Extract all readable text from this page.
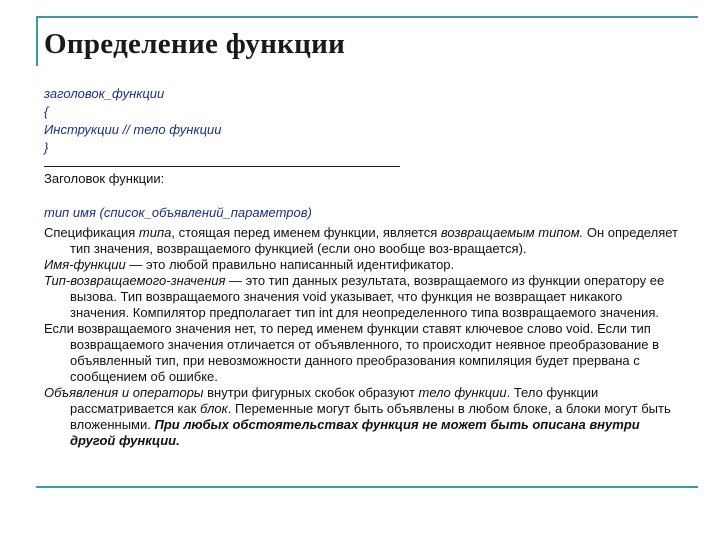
Определение функции
заголовок_функции
{
Инструкции // тело функции
}
Заголовок функции:
тип имя (список_объявлений_параметров)
Спецификация типа, стоящая перед именем функции, является возвращаемым типом. Он определяет тип значения, возвращаемого функцией (если оно вообще воз-вращается).
Имя-функции — это любой правильно написанный идентификатор.
Тип-возвращаемого-значения — это тип данных результата, возвращаемого из функции оператору ее вызова. Тип возвращаемого значения void указывает, что функция не возвращает никакого значения. Компилятор предполагает тип int для неопределенного типа возвращаемого значения.
Если возвращаемого значения нет, то перед именем функции ставят ключевое слово void. Если тип возвращаемого значения отличается от объявленного, то происходит неявное преобразование в объявленный тип, при невозможности данного преобразования компиляция будет прервана с сообщением об ошибке.
Объявления и операторы внутри фигурных скобок образуют тело функции. Тело функции рассматривается как блок. Переменные могут быть объявлены в любом блоке, а блоки могут быть вложенными. При любых обстоятельствах функция не может быть описана внутри другой функции.
